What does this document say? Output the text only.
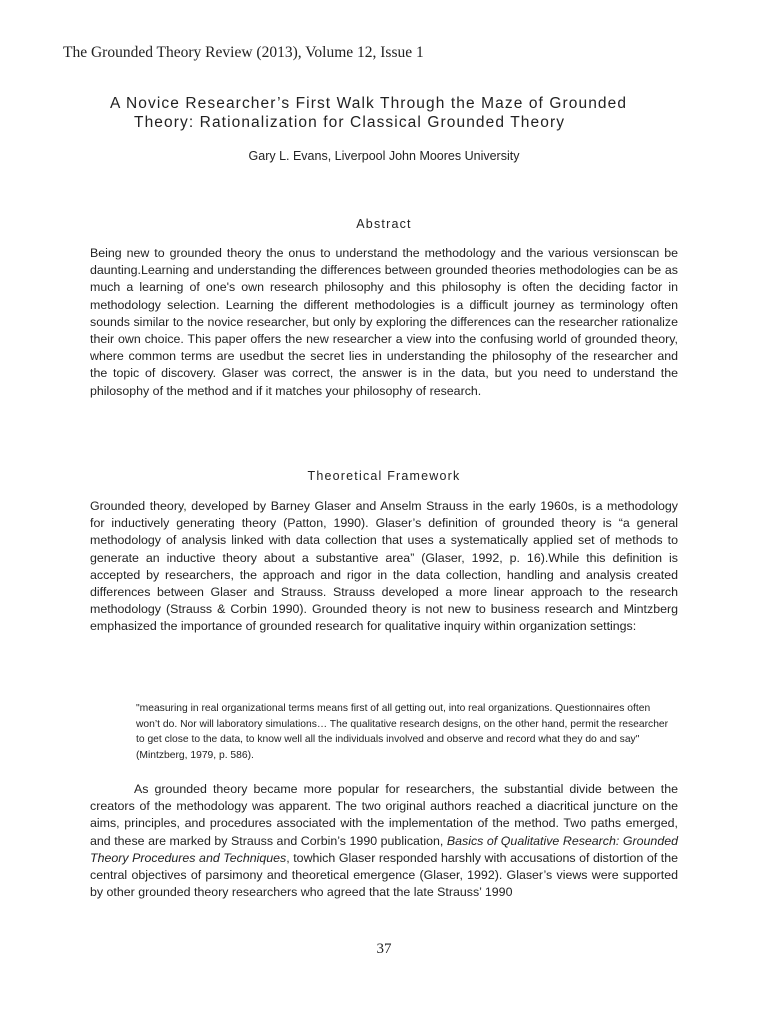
The Grounded Theory Review (2013), Volume 12, Issue 1
A Novice Researcher’s First Walk Through the Maze of Grounded
Theory: Rationalization for Classical Grounded Theory
Gary L. Evans, Liverpool John Moores University
Abstract

Being new to grounded theory the onus to understand the methodology and the various versionscan be daunting.Learning and understanding the differences between grounded theories methodologies can be as much a learning of one's own research philosophy and this philosophy is often the deciding factor in methodology selection. Learning the different methodologies is a difficult journey as terminology often sounds similar to the novice researcher, but only by exploring the differences can the researcher rationalize their own choice. This paper offers the new researcher a view into the confusing world of grounded theory, where common terms are usedbut the secret lies in understanding the philosophy of the researcher and the topic of discovery. Glaser was correct, the answer is in the data, but you need to understand the philosophy of the method and if it matches your philosophy of research.

Theoretical Framework

Grounded theory, developed by Barney Glaser and Anselm Strauss in the early 1960s, is a methodology for inductively generating theory (Patton, 1990). Glaser’s definition of grounded theory is “a general methodology of analysis linked with data collection that uses a systematically applied set of methods to generate an inductive theory about a substantive area” (Glaser, 1992, p. 16).While this definition is accepted by researchers, the approach and rigor in the data collection, handling and analysis created differences between Glaser and Strauss. Strauss developed a more linear approach to the research methodology (Strauss & Corbin 1990). Grounded theory is not new to business research and Mintzberg emphasized the importance of grounded research for qualitative inquiry within organization settings:

"measuring in real organizational terms means first of all getting out, into real organizations. Questionnaires often won’t do. Nor will laboratory simulations… The qualitative research designs, on the other hand, permit the researcher to get close to the data, to know well all the individuals involved and observe and record what they do and say" (Mintzberg, 1979, p. 586).

As grounded theory became more popular for researchers, the substantial divide between the creators of the methodology was apparent. The two original authors reached a diacritical juncture on the aims, principles, and procedures associated with the implementation of the method. Two paths emerged, and these are marked by Strauss and Corbin’s 1990 publication, Basics of Qualitative Research: Grounded Theory Procedures and Techniques, towhich Glaser responded harshly with accusations of distortion of the central objectives of parsimony and theoretical emergence (Glaser, 1992). Glaser’s views were supported by other grounded theory researchers who agreed that the late Strauss’ 1990

37
